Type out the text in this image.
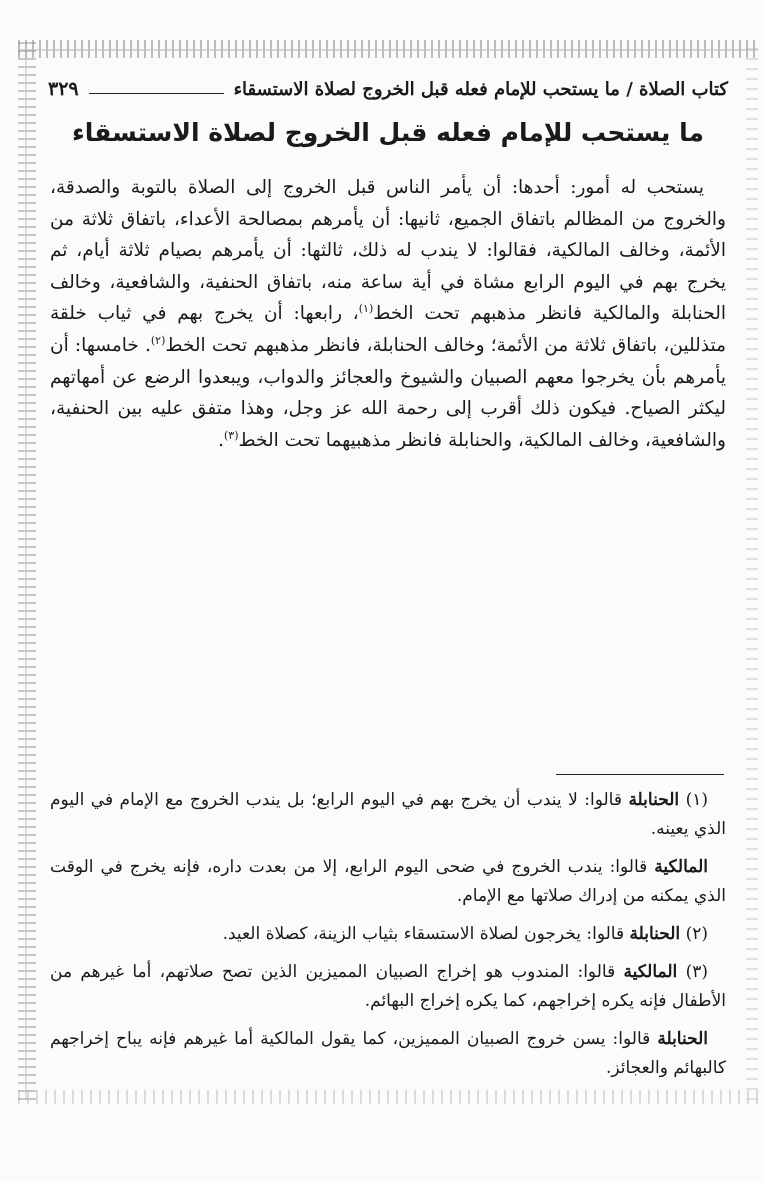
كتاب الصلاة / ما يستحب للإمام فعله قبل الخروج لصلاة الاستسقاء
٣٢٩
ما يستحب للإمام فعله قبل الخروج لصلاة الاستسقاء

يستحب له أمور: أحدها: أن يأمر الناس قبل الخروج إلى الصلاة بالتوبة والصدقة، والخروج من المظالم باتفاق الجميع، ثانيها: أن يأمرهم بمصالحة الأعداء، باتفاق ثلاثة من الأئمة، وخالف المالكية، فقالوا: لا يندب له ذلك، ثالثها: أن يأمرهم بصيام ثلاثة أيام، ثم يخرج بهم في اليوم الرابع مشاة في أية ساعة منه، باتفاق الحنفية، والشافعية، وخالف الحنابلة والمالكية فانظر مذهبهم تحت الخط$^{(١)}$، رابعها: أن يخرج بهم في ثياب خلقة متذللين، باتفاق ثلاثة من الأئمة؛ وخالف الحنابلة، فانظر مذهبهم تحت الخط$^{(٢)}$. خامسها: أن يأمرهم بأن يخرجوا معهم الصبيان والشيوخ والعجائز والدواب، ويبعدوا الرضع عن أمهاتهم ليكثر الصياح. فيكون ذلك أقرب إلى رحمة الله عز وجل، وهذا متفق عليه بين الحنفية، والشافعية، وخالف المالكية، والحنابلة فانظر مذهبيهما تحت الخط$^{(٣)}$.

(١) الحنابلة قالوا: لا يندب أن يخرج بهم في اليوم الرابع؛ بل يندب الخروج مع الإمام في اليوم الذي يعينه.

المالكية قالوا: يندب الخروج في ضحى اليوم الرابع، إلا من بعدت داره، فإنه يخرج في الوقت الذي يمكنه من إدراك صلاتها مع الإمام.

(٢) الحنابلة قالوا: يخرجون لصلاة الاستسقاء بثياب الزينة، كصلاة العيد.

(٣) المالكية قالوا: المندوب هو إخراج الصبيان المميزين الذين تصح صلاتهم، أما غيرهم من الأطفال فإنه يكره إخراجهم، كما يكره إخراج البهائم.

الحنابلة قالوا: يسن خروج الصبيان المميزين، كما يقول المالكية أما غيرهم فإنه يباح إخراجهم كالبهائم والعجائز.
